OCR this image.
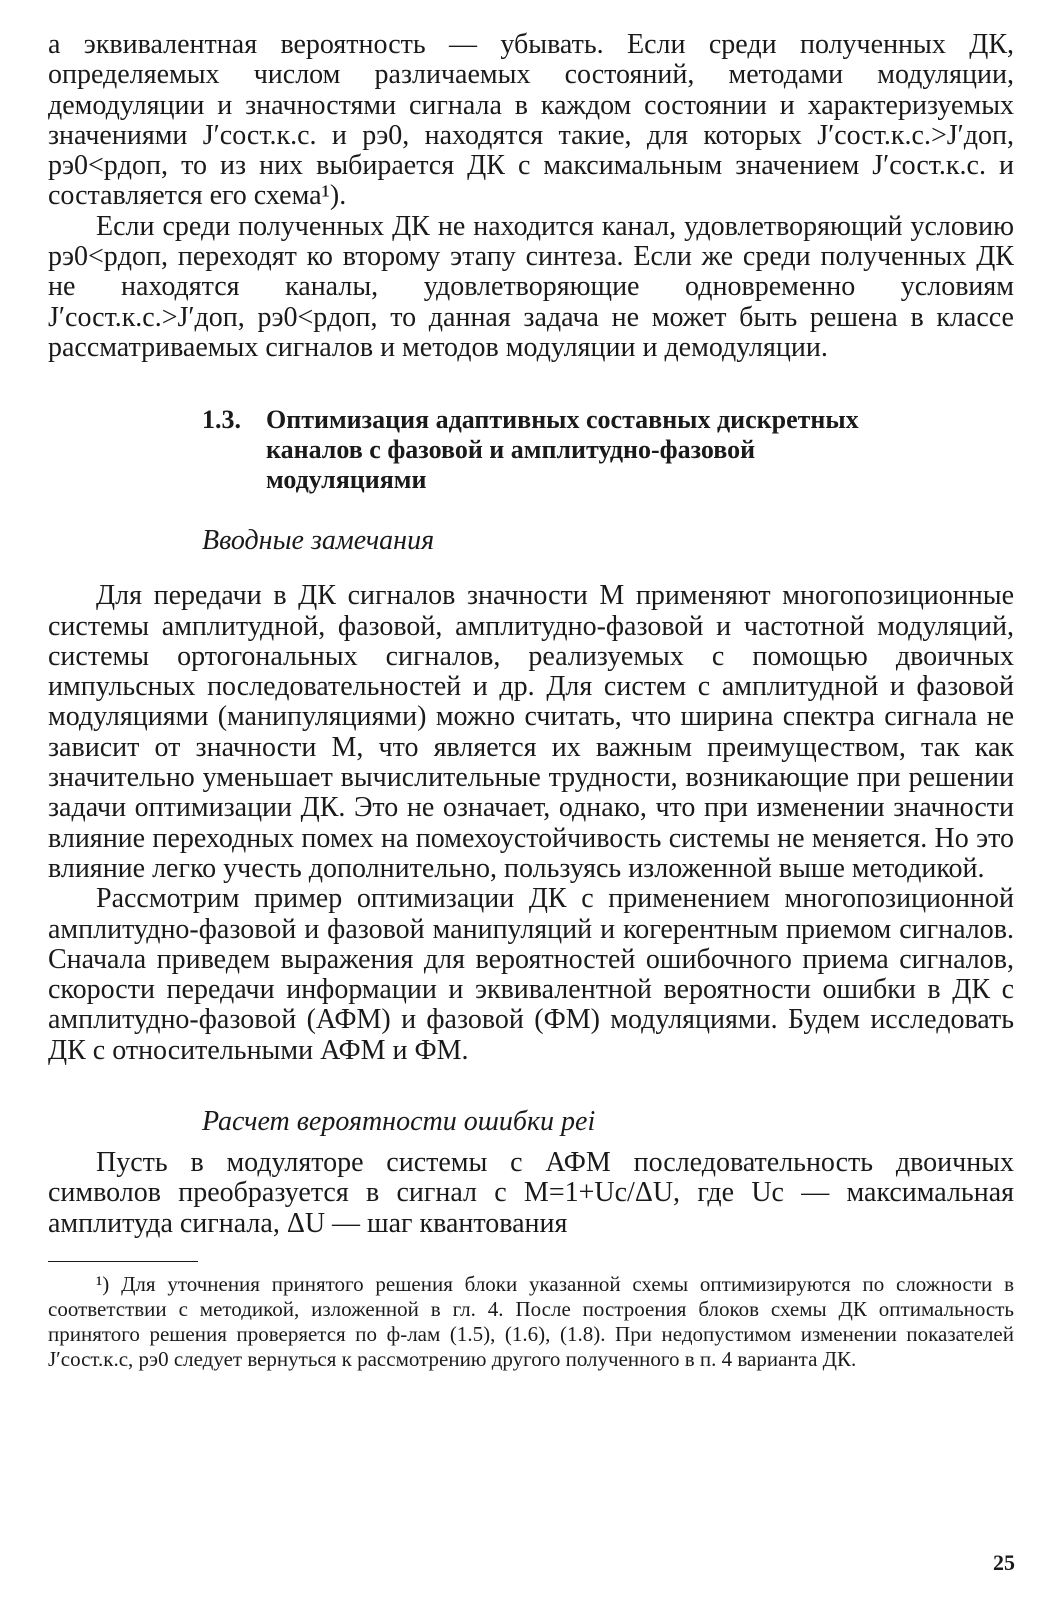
а эквивалентная вероятность — убывать. Если среди полученных ДК, определяемых числом различаемых состояний, методами модуляции, демодуляции и значностями сигнала в каждом состоянии и характеризуемых значениями J′сост.к.с. и pэ0, находятся такие, для которых J′сост.к.с.>J′доп, pэ0<pдоп, то из них выбирается ДК с максимальным значением J′сост.к.с. и составляется его схема¹).

Если среди полученных ДК не находится канал, удовлетворяющий условию pэ0<pдоп, переходят ко второму этапу синтеза. Если же среди полученных ДК не находятся каналы, удовлетворяющие одновременно условиям J′сост.к.с.>J′доп, pэ0<pдоп, то данная задача не может быть решена в классе рассматриваемых сигналов и методов модуляции и демодуляции.

1.3. Оптимизация адаптивных составных дискретных каналов с фазовой и амплитудно-фазовой модуляциями
Вводные замечания

Для передачи в ДК сигналов значности M применяют многопозиционные системы амплитудной, фазовой, амплитудно-фазовой и частотной модуляций, системы ортогональных сигналов, реализуемых с помощью двоичных импульсных последовательностей и др. Для систем с амплитудной и фазовой модуляциями (манипуляциями) можно считать, что ширина спектра сигнала не зависит от значности M, что является их важным преимуществом, так как значительно уменьшает вычислительные трудности, возникающие при решении задачи оптимизации ДК. Это не означает, однако, что при изменении значности влияние переходных помех на помехоустойчивость системы не меняется. Но это влияние легко учесть дополнительно, пользуясь изложенной выше методикой.

Рассмотрим пример оптимизации ДК с применением многопозиционной амплитудно-фазовой и фазовой манипуляций и когерентным приемом сигналов. Сначала приведем выражения для вероятностей ошибочного приема сигналов, скорости передачи информации и эквивалентной вероятности ошибки в ДК с амплитудно-фазовой (АФМ) и фазовой (ФМ) модуляциями. Будем исследовать ДК с относительными АФМ и ФМ.

Расчет вероятности ошибки pei

Пусть в модуляторе системы с АФМ последовательность двоичных символов преобразуется в сигнал с M=1+Uc/ΔU, где Uc — максимальная амплитуда сигнала, ΔU — шаг квантования

¹) Для уточнения принятого решения блоки указанной схемы оптимизируются по сложности в соответствии с методикой, изложенной в гл. 4. После построения блоков схемы ДК оптимальность принятого решения проверяется по ф-лам (1.5), (1.6), (1.8). При недопустимом изменении показателей J′сост.к.с, pэ0 следует вернуться к рассмотрению другого полученного в п. 4 варианта ДК.

25
